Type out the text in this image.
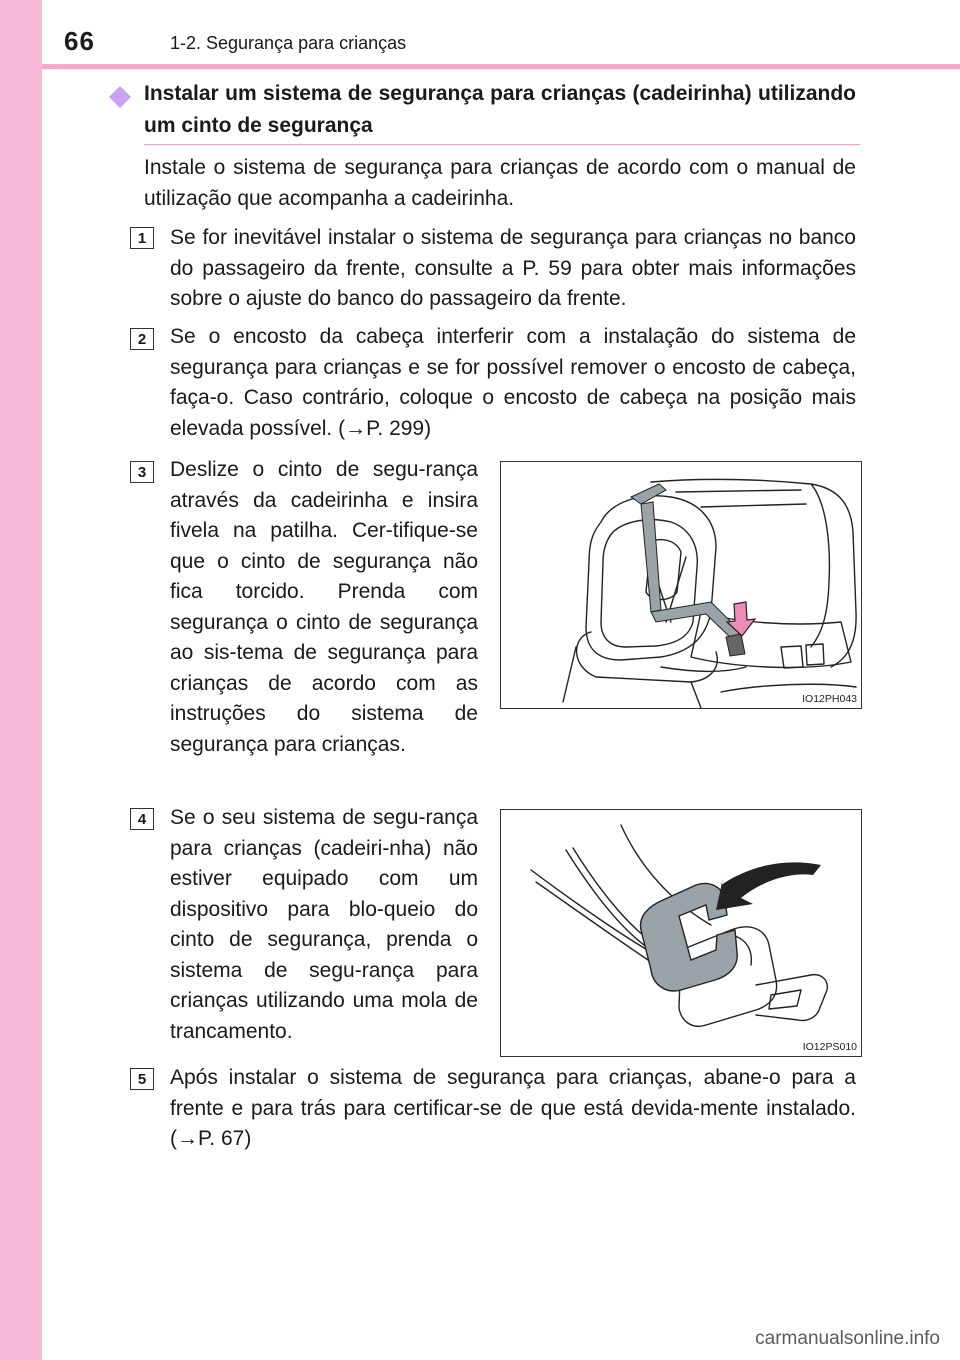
66	1-2. Segurança para crianças
Instalar um sistema de segurança para crianças (cadeirinha) utilizando um cinto de segurança
Instale o sistema de segurança para crianças de acordo com o manual de utilização que acompanha a cadeirinha.
1	Se for inevitável instalar o sistema de segurança para crianças no banco do passageiro da frente, consulte a P. 59 para obter mais informações sobre o ajuste do banco do passageiro da frente.
2	Se o encosto da cabeça interferir com a instalação do sistema de segurança para crianças e se for possível remover o encosto de cabeça, faça-o. Caso contrário, coloque o encosto de cabeça na posição mais elevada possível. (→P. 299)
3	Deslize o cinto de segu-rança através da cadeirinha e insira fivela na patilha. Cer-tifique-se que o cinto de segurança não fica torcido. Prenda com segurança o cinto de segurança ao sis-tema de segurança para crianças de acordo com as instruções do sistema de segurança para crianças.
IO12PH043
4	Se o seu sistema de segu-rança para crianças (cadeiri-nha) não estiver equipado com um dispositivo para blo-queio do cinto de segurança, prenda o sistema de segu-rança para crianças utilizando uma mola de trancamento.
IO12PS010
5	Após instalar o sistema de segurança para crianças, abane-o para a frente e para trás para certificar-se de que está devida-mente instalado. (→P. 67)
carmanualsonline.info
